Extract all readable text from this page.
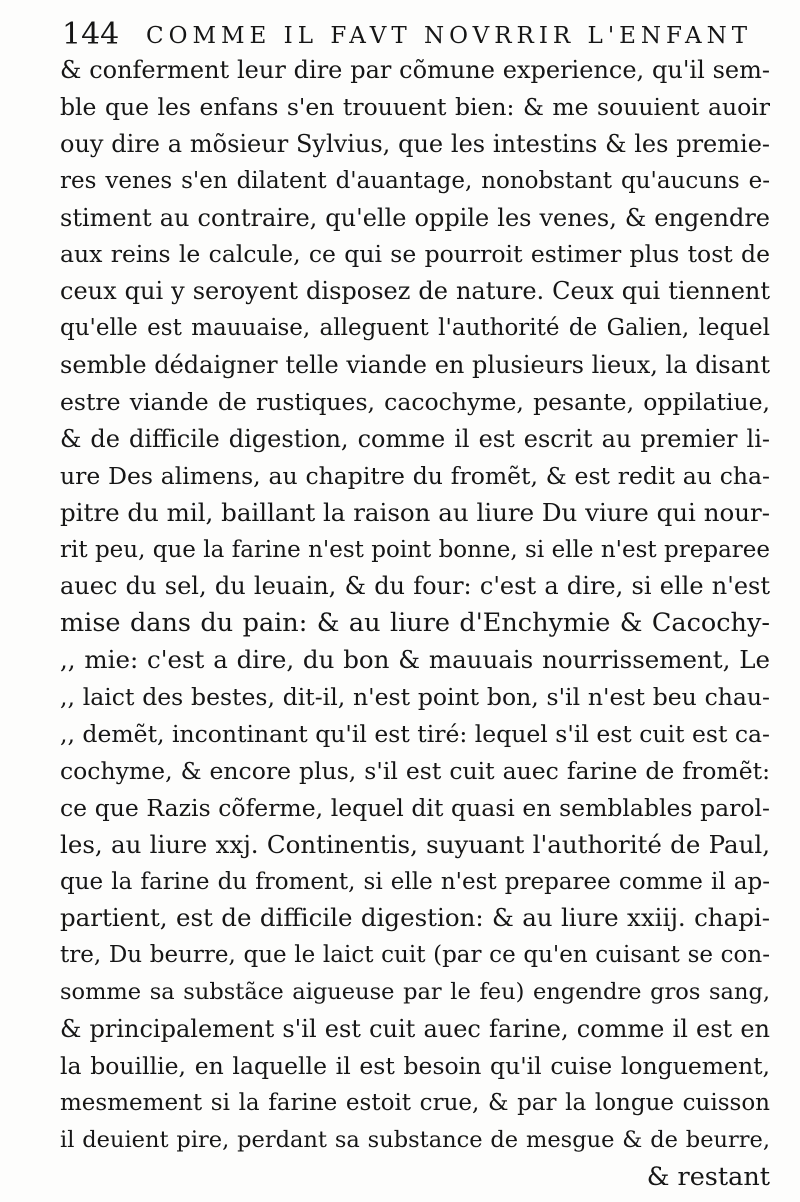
144 COMME IL FAVT NOVRRIR L'ENFANT
& conferment leur dire par cõmune experience, qu'il sem-
ble que les enfans s'en trouuent bien: & me souuient auoir
ouy dire a mõsieur Sylvius, que les intestins & les premie-
res venes s'en dilatent d'auantage, nonobstant qu'aucuns e-
stiment au contraire, qu'elle oppile les venes, & engendre
aux reins le calcule, ce qui se pourroit estimer plus tost de
ceux qui y seroyent disposez de nature. Ceux qui tiennent
qu'elle est mauuaise, alleguent l'authorité de Galien, lequel
semble dédaigner telle viande en plusieurs lieux, la disant
estre viande de rustiques, cacochyme, pesante, oppilatiue,
& de difficile digestion, comme il est escrit au premier li-
ure Des alimens, au chapitre du fromẽt, & est redit au cha-
pitre du mil, baillant la raison au liure Du viure qui nour-
rit peu, que la farine n'est point bonne, si elle n'est preparee
auec du sel, du leuain, & du four: c'est a dire, si elle n'est
mise dans du pain: & au liure d'Enchymie & Cacochy-
,, mie: c'est a dire, du bon & mauuais nourrissement, Le
,, laict des bestes, dit-il, n'est point bon, s'il n'est beu chau-
,, demẽt, incontinant qu'il est tiré: lequel s'il est cuit est ca-
cochyme, & encore plus, s'il est cuit auec farine de fromẽt:
ce que Razis cõferme, lequel dit quasi en semblables parol-
les, au liure xxj. Continentis, suyuant l'authorité de Paul,
que la farine du froment, si elle n'est preparee comme il ap-
partient, est de difficile digestion: & au liure xxiij. chapi-
tre, Du beurre, que le laict cuit (par ce qu'en cuisant se con-
somme sa substãce aigueuse par le feu) engendre gros sang,
& principalement s'il est cuit auec farine, comme il est en
la bouillie, en laquelle il est besoin qu'il cuise longuement,
mesmement si la farine estoit crue, & par la longue cuisson
il deuient pire, perdant sa substance de mesgue & de beurre,
& restant
